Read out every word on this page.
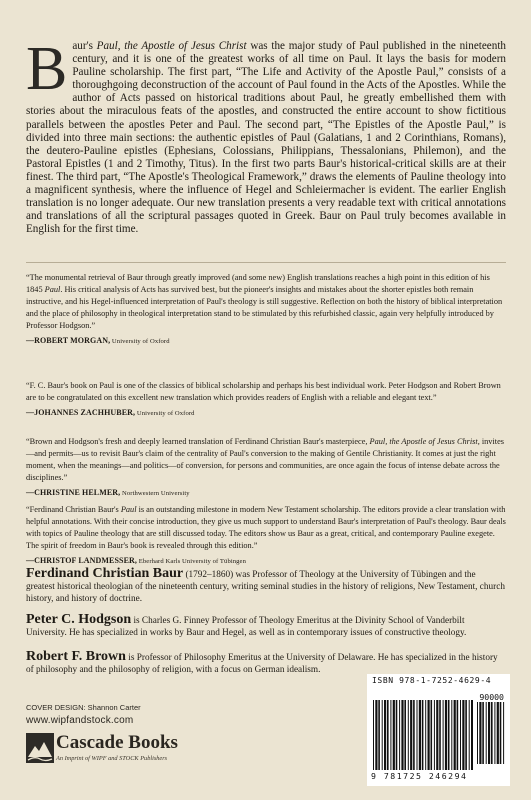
Baur's Paul, the Apostle of Jesus Christ was the major study of Paul published in the nineteenth century, and it is one of the greatest works of all time on Paul. It lays the basis for modern Pauline scholarship. The first part, “The Life and Activity of the Apostle Paul,” consists of a thoroughgoing deconstruction of the account of Paul found in the Acts of the Apostles. While the author of Acts passed on historical traditions about Paul, he greatly embellished them with stories about the miraculous feats of the apostles, and constructed the entire account to show fictitious parallels between the apostles Peter and Paul. The second part, “The Epistles of the Apostle Paul,” is divided into three main sections: the authentic epistles of Paul (Galatians, 1 and 2 Corinthians, Romans), the deutero-Pauline epistles (Ephesians, Colossians, Philippians, Thessalonians, Philemon), and the Pastoral Epistles (1 and 2 Timothy, Titus). In the first two parts Baur's historical-critical skills are at their finest. The third part, “The Apostle's Theological Framework,” draws the elements of Pauline theology into a magnificent synthesis, where the influence of Hegel and Schleiermacher is evident. The earlier English translation is no longer adequate. Our new translation presents a very readable text with critical annotations and translations of all the scriptural passages quoted in Greek. Baur on Paul truly becomes available in English for the first time.
“The monumental retrieval of Baur through greatly improved (and some new) English translations reaches a high point in this edition of his 1845 Paul. His critical analysis of Acts has survived best, but the pioneer's insights and mistakes about the shorter epistles both remain instructive, and his Hegel-influenced interpretation of Paul's theology is still suggestive. Reflection on both the history of biblical interpretation and the place of philosophy in theological interpretation stand to be stimulated by this refurbished classic, again very helpfully introduced by Professor Hodgson.”
—ROBERT MORGAN, University of Oxford
“F. C. Baur's book on Paul is one of the classics of biblical scholarship and perhaps his best individual work. Peter Hodgson and Robert Brown are to be congratulated on this excellent new translation which provides readers of English with a reliable and elegant text.”
—JOHANNES ZACHHUBER, University of Oxford
“Brown and Hodgson's fresh and deeply learned translation of Ferdinand Christian Baur's masterpiece, Paul, the Apostle of Jesus Christ, invites—and permits—us to revisit Baur's claim of the centrality of Paul's conversion to the making of Gentile Christianity. It comes at just the right moment, when the meanings—and politics—of conversion, for persons and communities, are once again the focus of intense debate across the disciplines.”
—CHRISTINE HELMER, Northwestern University
“Ferdinand Christian Baur's Paul is an outstanding milestone in modern New Testament scholarship. The editors provide a clear translation with helpful annotations. With their concise introduction, they give us much support to understand Baur's interpretation of Paul's theology. Baur deals with topics of Pauline theology that are still discussed today. The editors show us Baur as a great, critical, and contemporary Pauline exegete. The spirit of freedom in Baur's book is revealed through this edition.”
—CHRISTOF LANDMESSER, Eberhard Karls University of Tübingen
Ferdinand Christian Baur (1792–1860) was Professor of Theology at the University of Tübingen and the greatest historical theologian of the nineteenth century, writing seminal studies in the history of religions, New Testament, church history, and history of doctrine.
Peter C. Hodgson is Charles G. Finney Professor of Theology Emeritus at the Divinity School of Vanderbilt University. He has specialized in works by Baur and Hegel, as well as in contemporary issues of constructive theology.
Robert F. Brown is Professor of Philosophy Emeritus at the University of Delaware. He has specialized in the history of philosophy and the philosophy of religion, with a focus on German idealism.
COVER DESIGN: Shannon Carter
www.wipfandstock.com
Cascade Books
An Imprint of WIPF and STOCK Publishers
ISBN 978-1-7252-4629-4
90000
9 781725 246294
